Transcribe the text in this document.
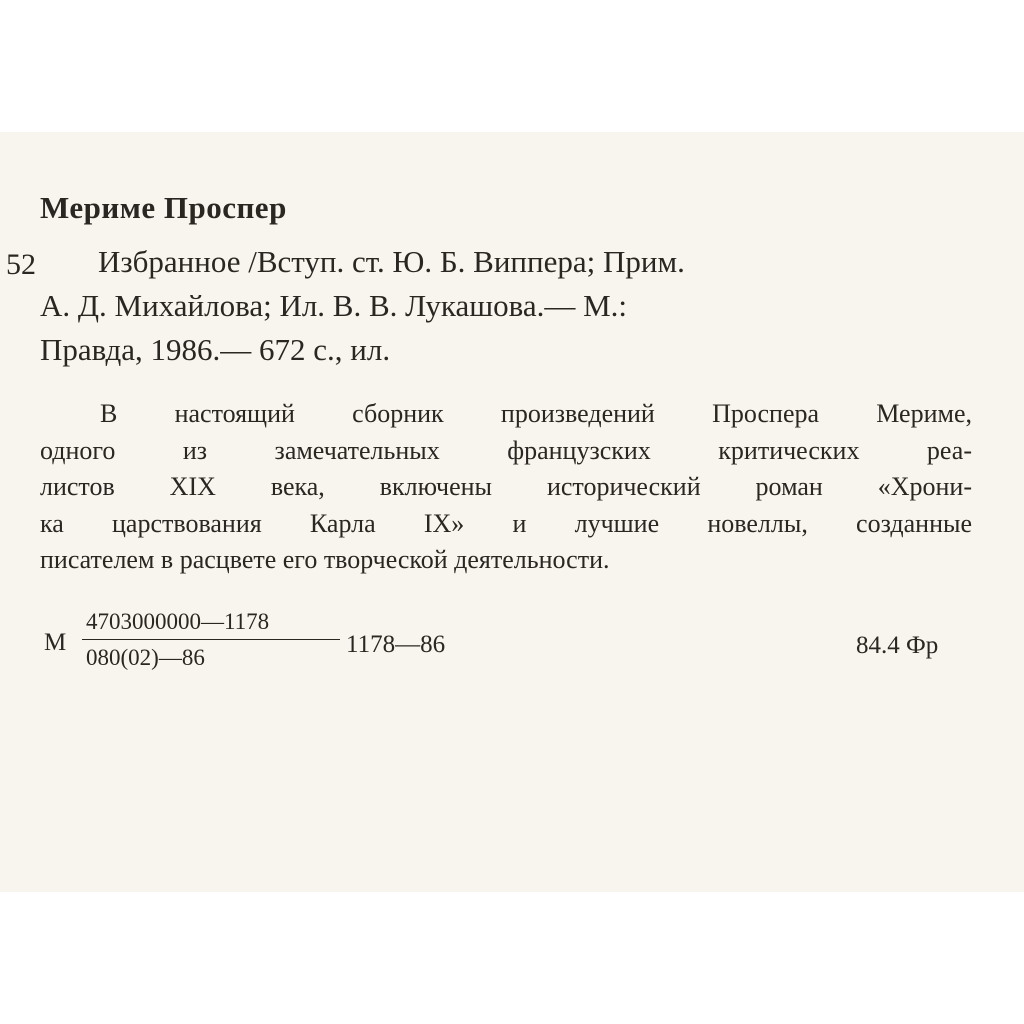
Мериме Проспер
52	Избранное /Вступ. ст. Ю. Б. Виппера; Прим.
А. Д. Михайлова; Ил. В. В. Лукашова.— М.:
Правда, 1986.— 672 с., ил.
В настоящий сборник произведений Проспера Мериме,
одного из замечательных французских критических реа-
листов XIX века, включены исторический роман «Хрони-
ка царствования Карла IX» и лучшие новеллы, созданные
писателем в расцвете его творческой деятельности.
М
4703000000—1178
080(02)—86	1178—86	84.4 Фр
